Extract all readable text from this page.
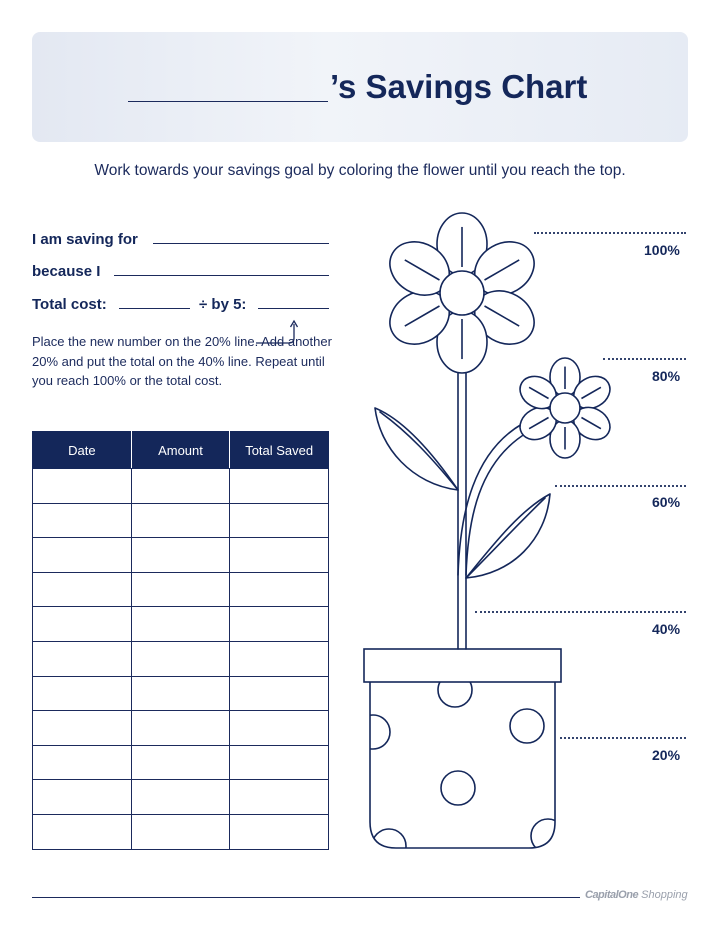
’s Savings Chart
Work towards your savings goal by coloring the flower until you reach the top.
I am saving for
because I
Total cost:	÷ by 5:
Place the new number on the 20% line. Add another 20% and put the total on the 40% line. Repeat until you reach 100% or the total cost.
Date	Amount	Total Saved

100%
80%
60%
40%
20%
CapitalOne Shopping
